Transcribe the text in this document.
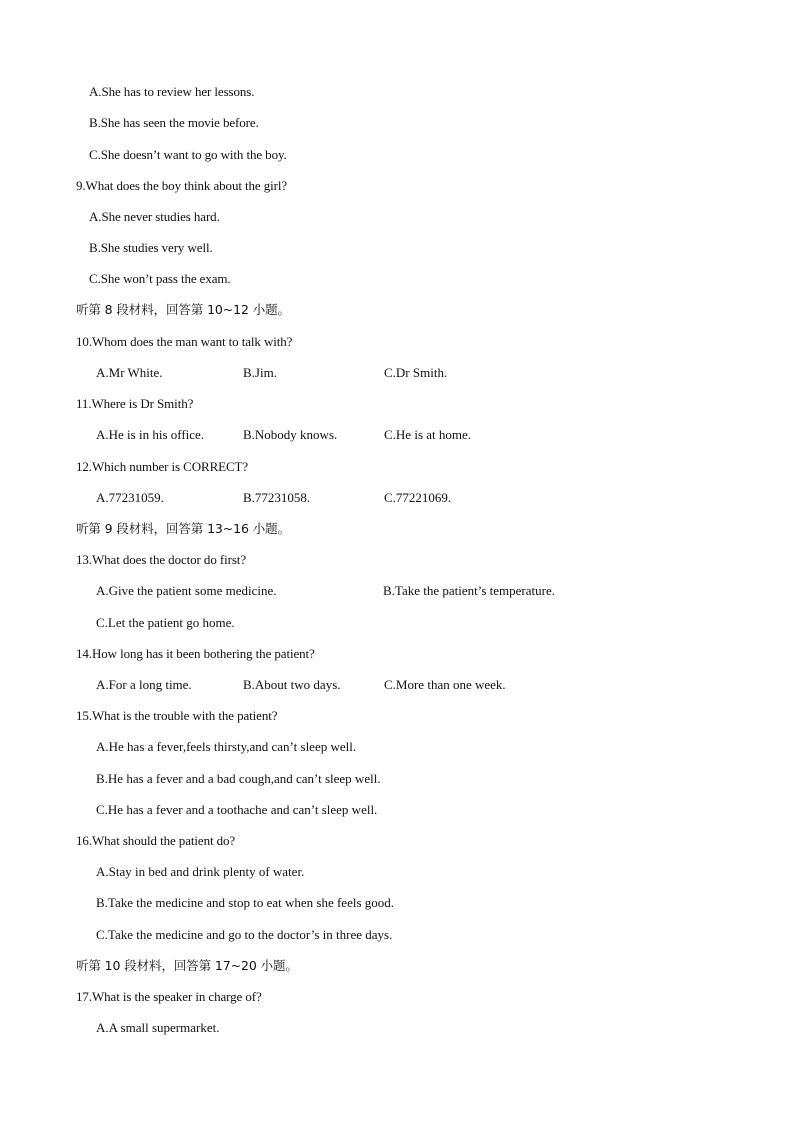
A.She has to review her lessons.
B.She has seen the movie before.
C.She doesn’t want to go with the boy.
9.What does the boy think about the girl?
A.She never studies hard.
B.She studies very well.
C.She won’t pass the exam.
听第 8 段材料，回答第 10~12 小题。
10.Whom does the man want to talk with?
A.Mr White.	B.Jim.	C.Dr Smith.
11.Where is Dr Smith?
A.He is in his office.	B.Nobody knows.	C.He is at home.
12.Which number is CORRECT?
A.77231059.	B.77231058.	C.77221069.
听第 9 段材料，回答第 13~16 小题。
13.What does the doctor do first?
A.Give the patient some medicine.	B.Take the patient’s temperature.
C.Let the patient go home.
14.How long has it been bothering the patient?
A.For a long time.	B.About two days.	C.More than one week.
15.What is the trouble with the patient?
A.He has a fever,feels thirsty,and can’t sleep well.
B.He has a fever and a bad cough,and can’t sleep well.
C.He has a fever and a toothache and can’t sleep well.
16.What should the patient do?
A.Stay in bed and drink plenty of water.
B.Take the medicine and stop to eat when she feels good.
C.Take the medicine and go to the doctor’s in three days.
听第 10 段材料，回答第 17~20 小题。
17.What is the speaker in charge of?
A.A small supermarket.
